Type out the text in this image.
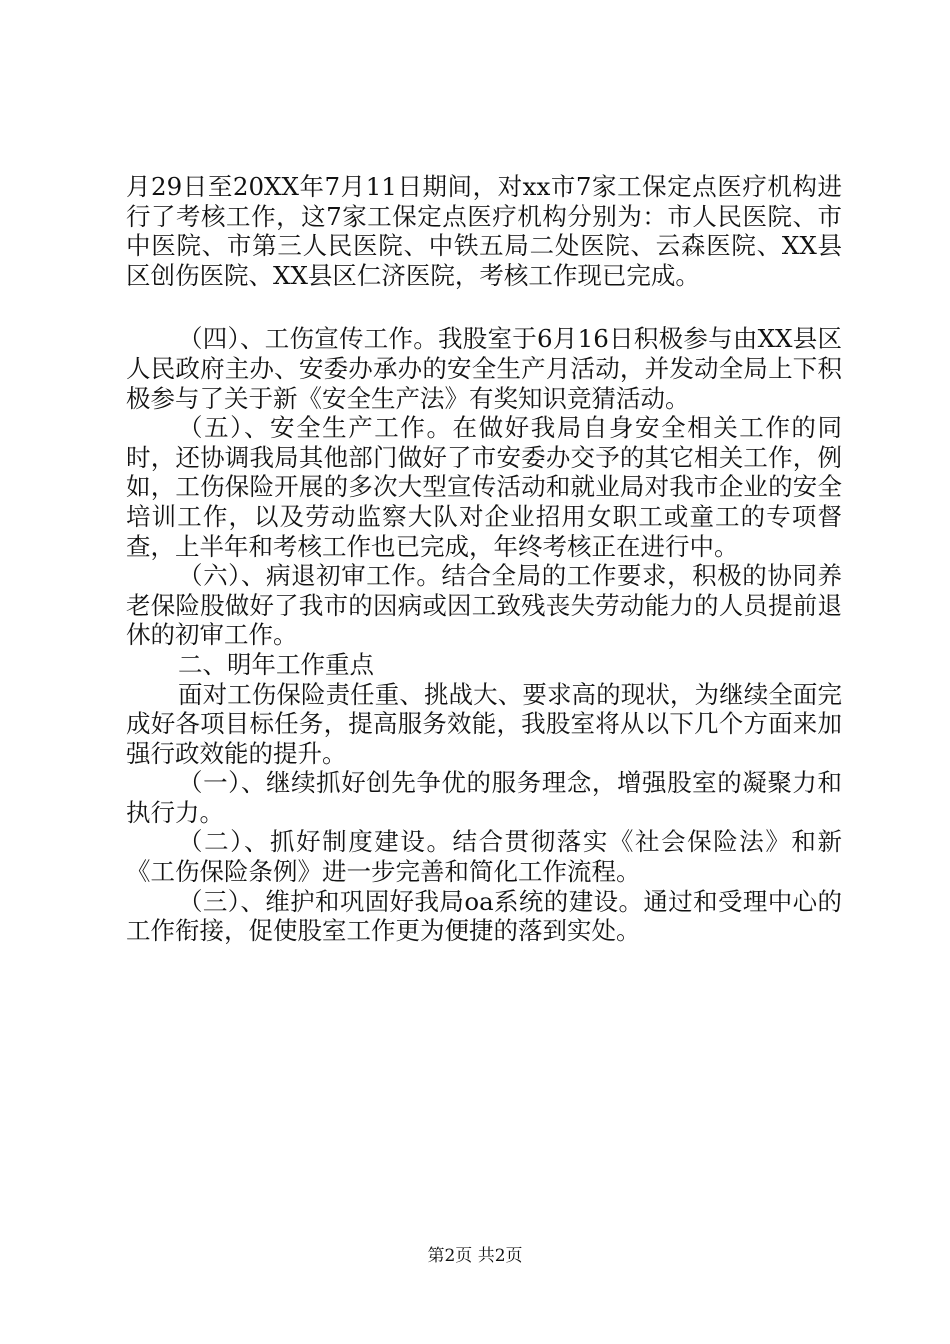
月29日至20XX年7月11日期间，对xx市7家工保定点医疗机构进行了考核工作，这7家工保定点医疗机构分别为：市人民医院、市中医院、市第三人民医院、中铁五局二处医院、云森医院、XX县区创伤医院、XX县区仁济医院，考核工作现已完成。

（四）、工伤宣传工作。我股室于6月16日积极参与由XX县区人民政府主办、安委办承办的安全生产月活动，并发动全局上下积极参与了关于新《安全生产法》有奖知识竞猜活动。

（五）、安全生产工作。在做好我局自身安全相关工作的同时，还协调我局其他部门做好了市安委办交予的其它相关工作，例如，工伤保险开展的多次大型宣传活动和就业局对我市企业的安全培训工作，以及劳动监察大队对企业招用女职工或童工的专项督查，上半年和考核工作也已完成，年终考核正在进行中。

（六）、病退初审工作。结合全局的工作要求，积极的协同养老保险股做好了我市的因病或因工致残丧失劳动能力的人员提前退休的初审工作。

二、明年工作重点

面对工伤保险责任重、挑战大、要求高的现状，为继续全面完成好各项目标任务，提高服务效能，我股室将从以下几个方面来加强行政效能的提升。

（一）、继续抓好创先争优的服务理念，增强股室的凝聚力和执行力。

（二）、抓好制度建设。结合贯彻落实《社会保险法》和新《工伤保险条例》进一步完善和简化工作流程。

（三）、维护和巩固好我局oa系统的建设。通过和受理中心的工作衔接，促使股室工作更为便捷的落到实处。

第2页 共2页
